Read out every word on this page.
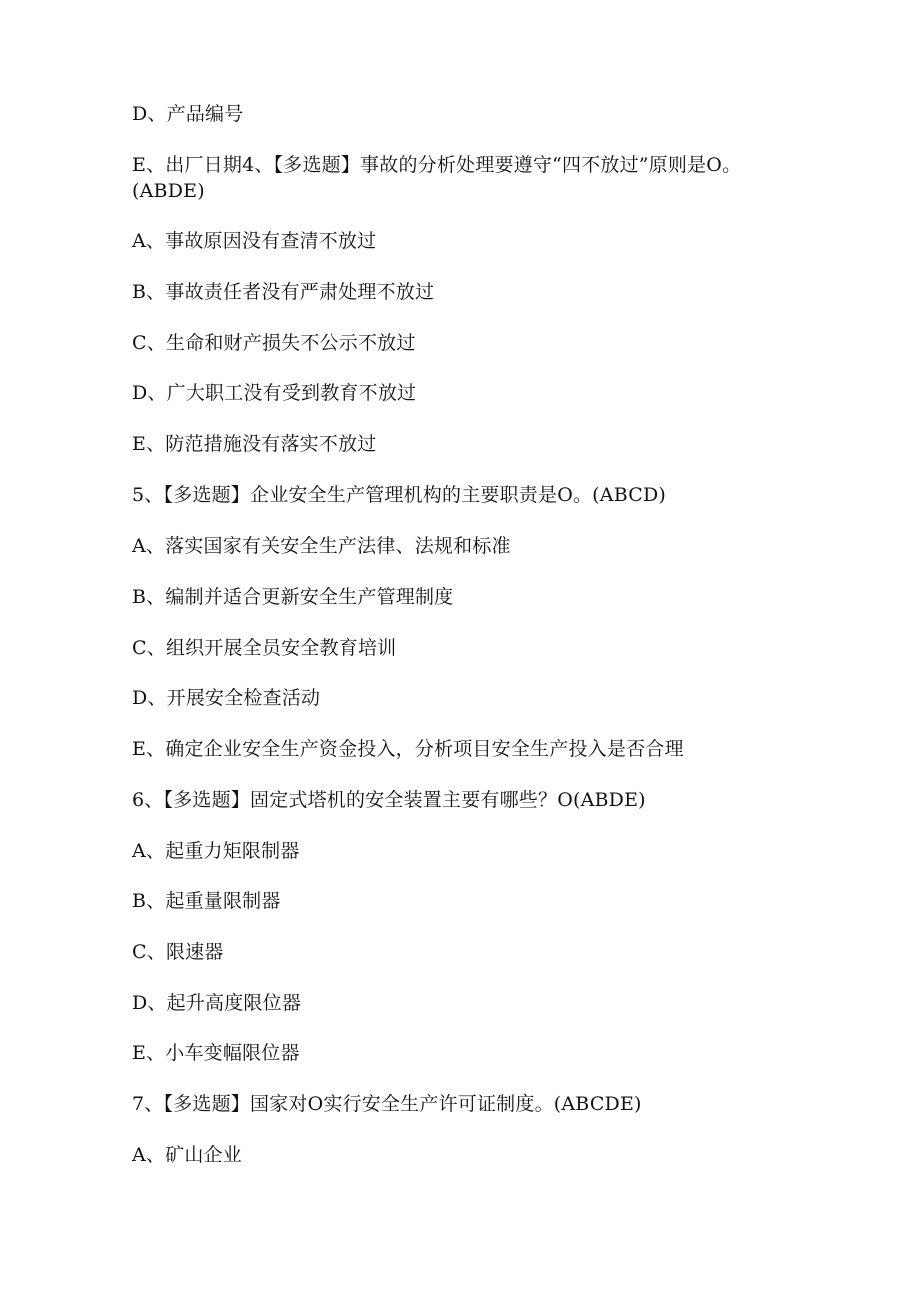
D、产品编号
E、出厂日期4、【多选题】事故的分析处理要遵守“四不放过”原则是O。(ABDE)
A、事故原因没有查清不放过
B、事故责任者没有严肃处理不放过
C、生命和财产损失不公示不放过
D、广大职工没有受到教育不放过
E、防范措施没有落实不放过
5、【多选题】企业安全生产管理机构的主要职责是O。(ABCD)
A、落实国家有关安全生产法律、法规和标准
B、编制并适合更新安全生产管理制度
C、组织开展全员安全教育培训
D、开展安全检查活动
E、确定企业安全生产资金投入，分析项目安全生产投入是否合理
6、【多选题】固定式塔机的安全装置主要有哪些？O(ABDE)
A、起重力矩限制器
B、起重量限制器
C、限速器
D、起升高度限位器
E、小车变幅限位器
7、【多选题】国家对O实行安全生产许可证制度。(ABCDE)
A、矿山企业
